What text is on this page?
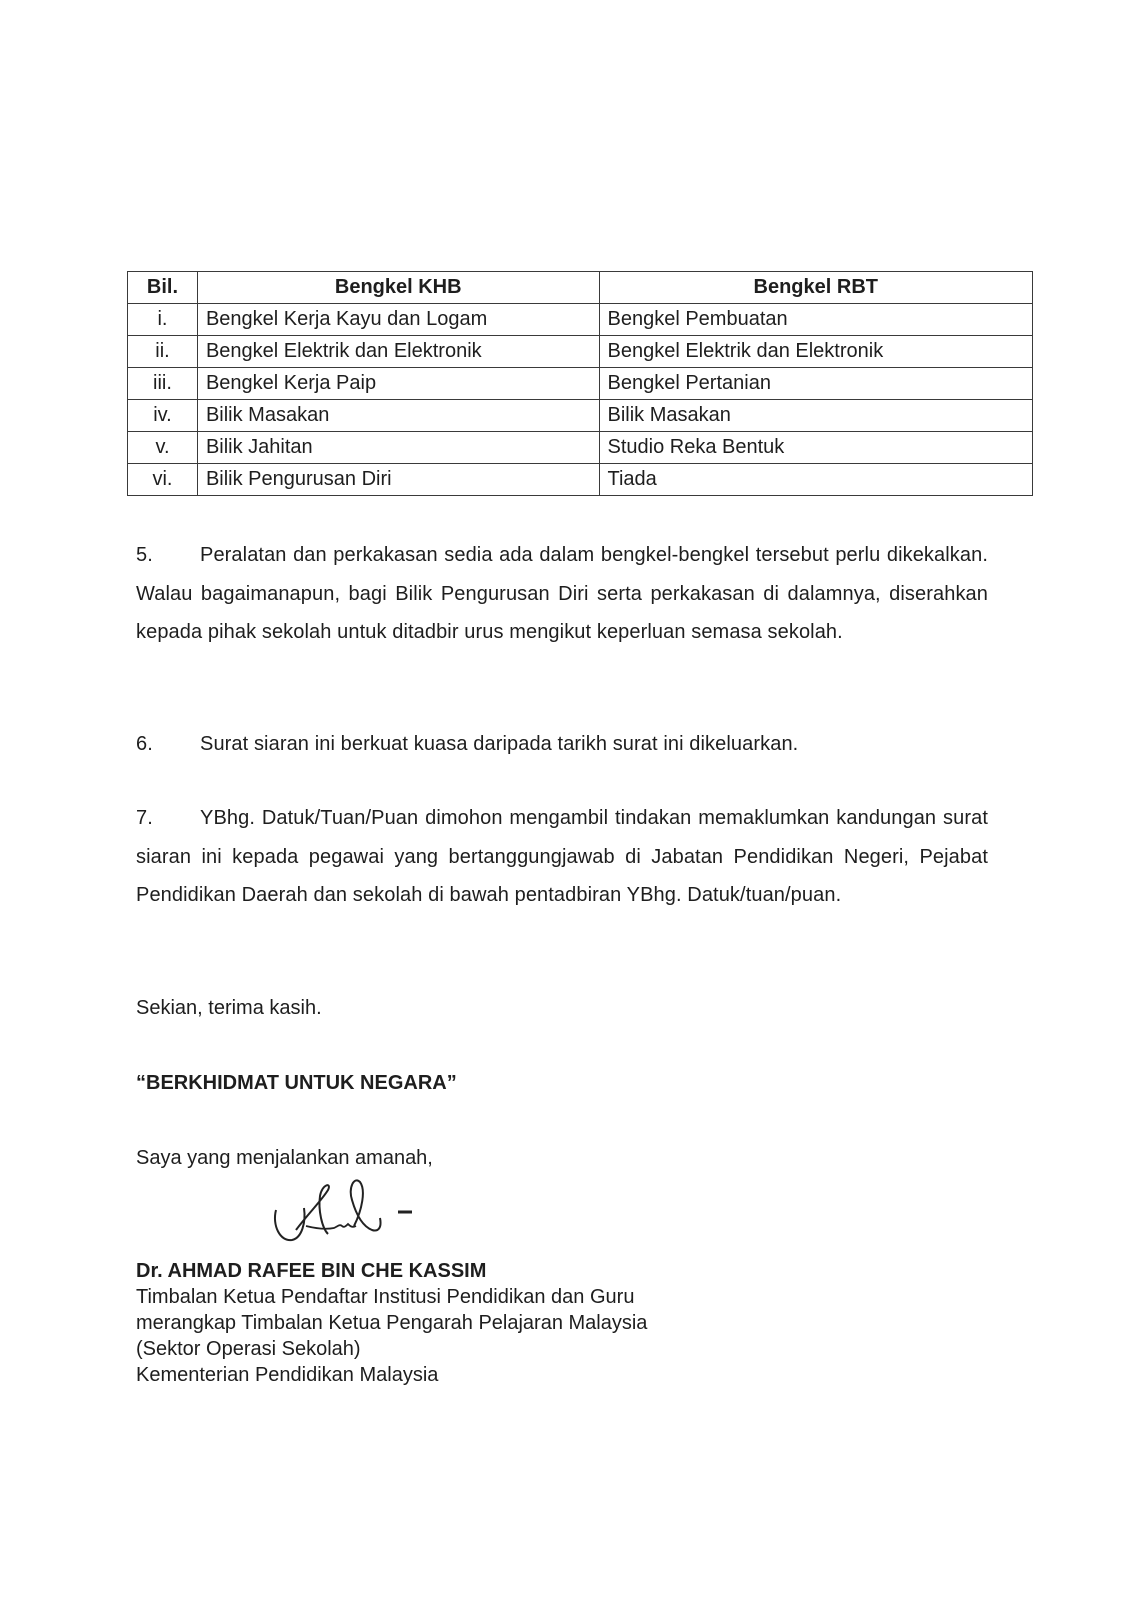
Bil.	Bengkel KHB	Bengkel RBT
i.	Bengkel Kerja Kayu dan Logam	Bengkel Pembuatan
ii.	Bengkel Elektrik dan Elektronik	Bengkel Elektrik dan Elektronik
iii.	Bengkel Kerja Paip	Bengkel Pertanian
iv.	Bilik Masakan	Bilik Masakan
v.	Bilik Jahitan	Studio Reka Bentuk
vi.	Bilik Pengurusan Diri	Tiada
5. Peralatan dan perkakasan sedia ada dalam bengkel-bengkel tersebut perlu dikekalkan. Walau bagaimanapun, bagi Bilik Pengurusan Diri serta perkakasan di dalamnya, diserahkan kepada pihak sekolah untuk ditadbir urus mengikut keperluan semasa sekolah.
6. Surat siaran ini berkuat kuasa daripada tarikh surat ini dikeluarkan.
7. YBhg. Datuk/Tuan/Puan dimohon mengambil tindakan memaklumkan kandungan surat siaran ini kepada pegawai yang bertanggungjawab di Jabatan Pendidikan Negeri, Pejabat Pendidikan Daerah dan sekolah di bawah pentadbiran YBhg. Datuk/tuan/puan.
Sekian, terima kasih.
“BERKHIDMAT UNTUK NEGARA”
Saya yang menjalankan amanah,
Dr. AHMAD RAFEE BIN CHE KASSIM
Timbalan Ketua Pendaftar Institusi Pendidikan dan Guru
merangkap Timbalan Ketua Pengarah Pelajaran Malaysia
(Sektor Operasi Sekolah)
Kementerian Pendidikan Malaysia
